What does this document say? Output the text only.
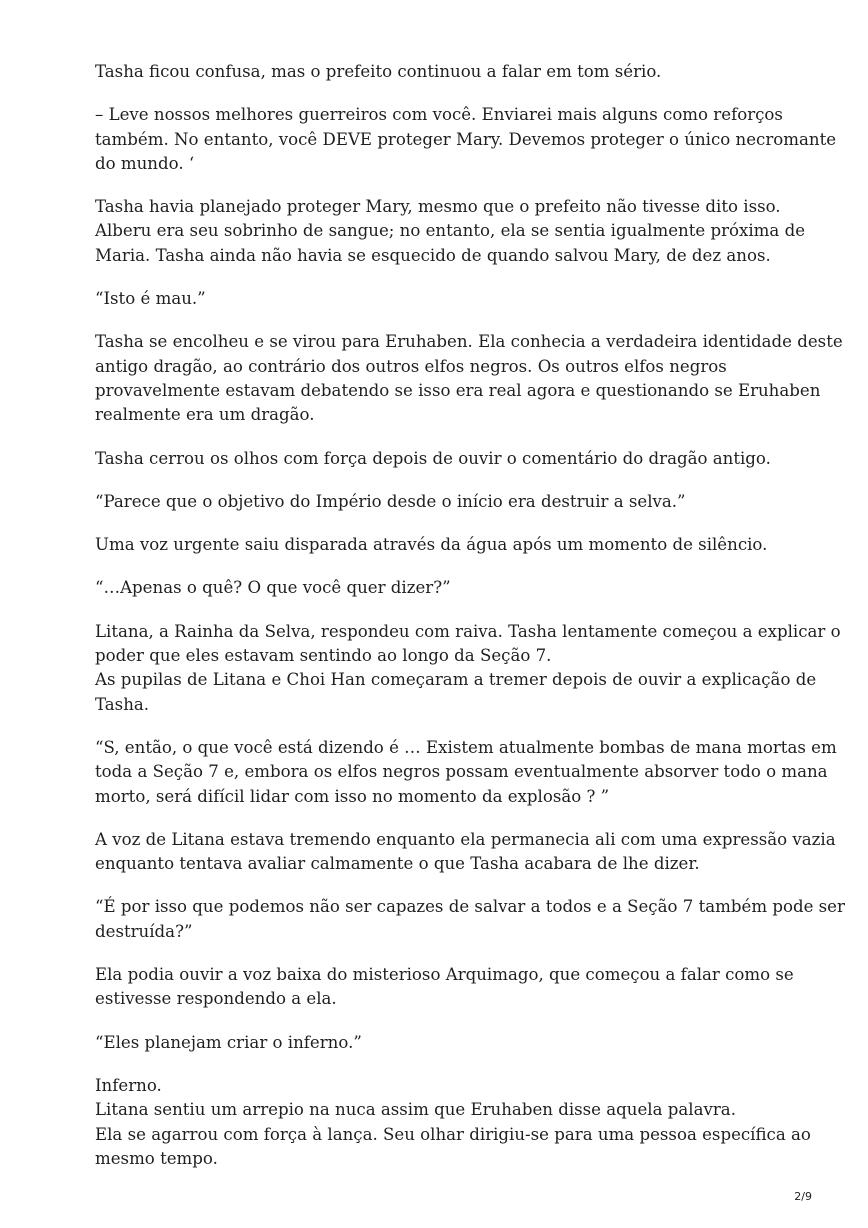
Tasha ficou confusa, mas o prefeito continuou a falar em tom sério.

– Leve nossos melhores guerreiros com você. Enviarei mais alguns como reforços
também. No entanto, você DEVE proteger Mary. Devemos proteger o único necromante
do mundo. ‘

Tasha havia planejado proteger Mary, mesmo que o prefeito não tivesse dito isso.
Alberu era seu sobrinho de sangue; no entanto, ela se sentia igualmente próxima de
Maria. Tasha ainda não havia se esquecido de quando salvou Mary, de dez anos.

“Isto é mau.”

Tasha se encolheu e se virou para Eruhaben. Ela conhecia a verdadeira identidade deste
antigo dragão, ao contrário dos outros elfos negros. Os outros elfos negros
provavelmente estavam debatendo se isso era real agora e questionando se Eruhaben
realmente era um dragão.

Tasha cerrou os olhos com força depois de ouvir o comentário do dragão antigo.

“Parece que o objetivo do Império desde o início era destruir a selva.”

Uma voz urgente saiu disparada através da água após um momento de silêncio.

“…Apenas o quê? O que você quer dizer?”

Litana, a Rainha da Selva, respondeu com raiva. Tasha lentamente começou a explicar o
poder que eles estavam sentindo ao longo da Seção 7.
As pupilas de Litana e Choi Han começaram a tremer depois de ouvir a explicação de
Tasha.

“S, então, o que você está dizendo é … Existem atualmente bombas de mana mortas em
toda a Seção 7 e, embora os elfos negros possam eventualmente absorver todo o mana
morto, será difícil lidar com isso no momento da explosão ? ”

A voz de Litana estava tremendo enquanto ela permanecia ali com uma expressão vazia
enquanto tentava avaliar calmamente o que Tasha acabara de lhe dizer.

“É por isso que podemos não ser capazes de salvar a todos e a Seção 7 também pode ser
destruída?”

Ela podia ouvir a voz baixa do misterioso Arquimago, que começou a falar como se
estivesse respondendo a ela.

“Eles planejam criar o inferno.”

Inferno.
Litana sentiu um arrepio na nuca assim que Eruhaben disse aquela palavra.
Ela se agarrou com força à lança. Seu olhar dirigiu-se para uma pessoa específica ao
mesmo tempo.

2/9
